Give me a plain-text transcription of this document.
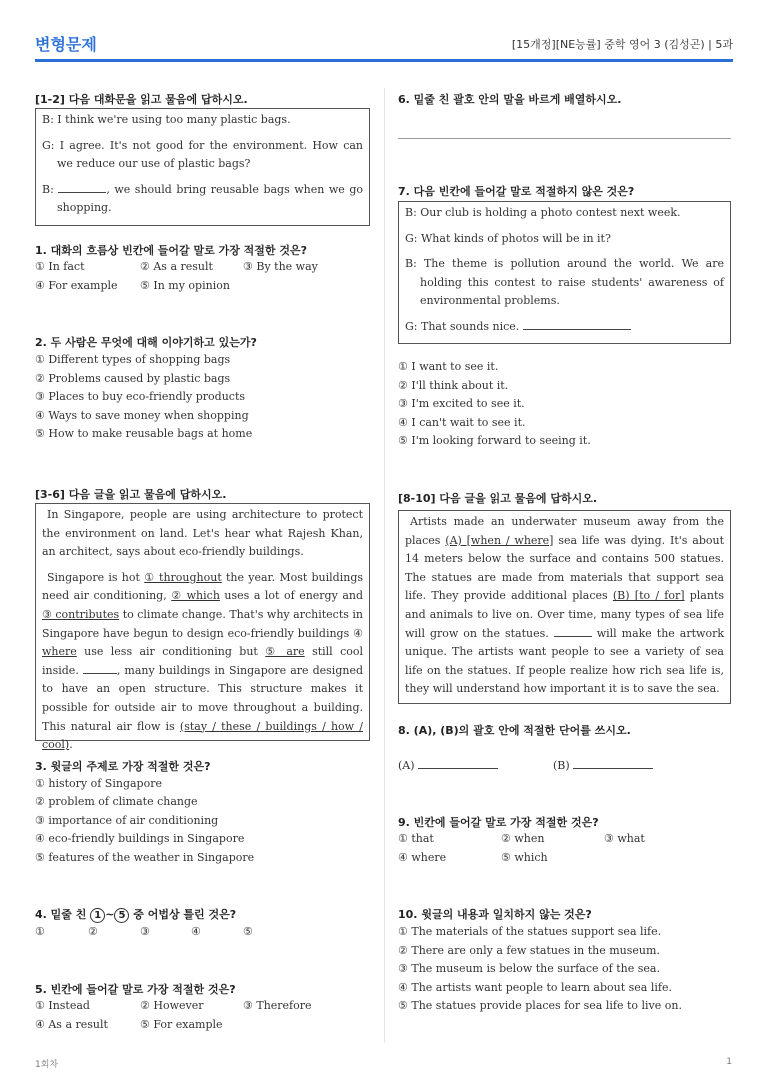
변형문제	[15개정][NE능률] 중학 영어 3 (김성곤) | 5과
[1-2] 다음 대화문을 읽고 물음에 답하시오.
B: I think we're using too many plastic bags.
G: I agree. It's not good for the environment. How can we reduce our use of plastic bags?
B:	, we should bring reusable bags when we go shopping.
1. 대화의 흐름상 빈칸에 들어갈 말로 가장 적절한 것은?
① In fact	② As a result	③ By the way
④ For example ⑤ In my opinion
2. 두 사람은 무엇에 대해 이야기하고 있는가?
① Different types of shopping bags
② Problems caused by plastic bags
③ Places to buy eco-friendly products
④ Ways to save money when shopping
⑤ How to make reusable bags at home
[3-6] 다음 글을 읽고 물음에 답하시오.

In Singapore, people are using architecture to protect the environment on land. Let's hear what Rajesh Khan, an architect, says about eco-friendly buildings.

Singapore is hot ① throughout the year. Most buildings need air conditioning, ② which uses a lot of energy and ③ contributes to climate change. That's why architects in Singapore have begun to design eco-friendly buildings ④ where use less air conditioning but ⑤ are still cool inside.	, many buildings in Singapore are designed to have an open structure. This structure makes it possible for outside air to move throughout a building. This natural air flow is (stay / these / buildings / how / cool).

3. 윗글의 주제로 가장 적절한 것은?
① history of Singapore
② problem of climate change
③ importance of air conditioning
④ eco-friendly buildings in Singapore
⑤ features of the weather in Singapore
4. 밑줄 친 1 ~ 5 중 어법상 틀린 것은?
①	②	③	④	⑤
5. 빈칸에 들어갈 말로 가장 적절한 것은?
① Instead	② However	③ Therefore
④ As a result	⑤ For example
6. 밑줄 친 괄호 안의 말을 바르게 배열하시오.
7. 다음 빈칸에 들어갈 말로 적절하지 않은 것은?
B: Our club is holding a photo contest next week.
G: What kinds of photos will be in it?
B: The theme is pollution around the world. We are holding this contest to raise students' awareness of environmental problems.
G: That sounds nice.
① I want to see it.
② I'll think about it.
③ I'm excited to see it.
④ I can't wait to see it.
⑤ I'm looking forward to seeing it.
[8-10] 다음 글을 읽고 물음에 답하시오.

Artists made an underwater museum away from the places (A) [when / where] sea life was dying. It's about 14 meters below the surface and contains 500 statues. The statues are made from materials that support sea life. They provide additional places (B) [to / for] plants and animals to live on. Over time, many types of sea life will grow on the statues.	will make the artwork unique. The artists want people to see a variety of sea life on the statues. If people realize how rich sea life is, they will understand how important it is to save the sea.

8. (A), (B)의 괄호 안에 적절한 단어를 쓰시오.
(A)	(B)
9. 빈칸에 들어갈 말로 가장 적절한 것은?
① that	② when	③ what
④ where	⑤ which
10. 윗글의 내용과 일치하지 않는 것은?
① The materials of the statues support sea life.
② There are only a few statues in the museum.
③ The museum is below the surface of the sea.
④ The artists want people to learn about sea life.
⑤ The statues provide places for sea life to live on.
1회차	1
